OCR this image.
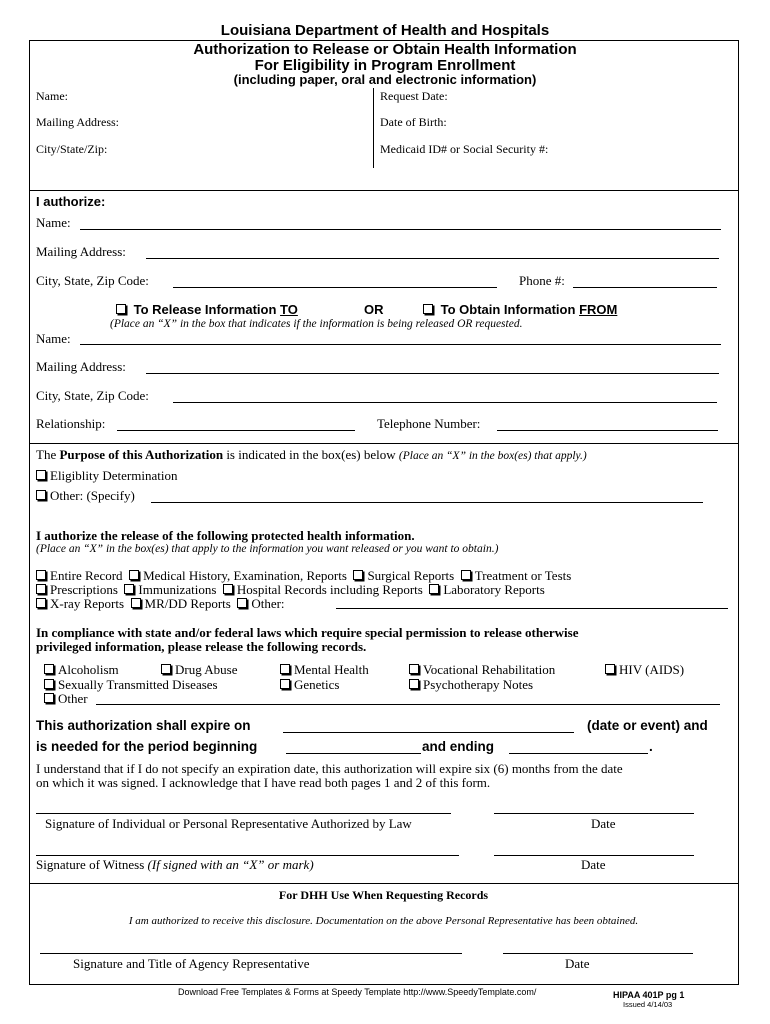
Louisiana Department of Health and Hospitals
Authorization to Release or Obtain Health Information
For Eligibility in Program Enrollment
(including paper, oral and electronic information)
Name:	Request Date:
Mailing Address:	Date of Birth:
City/State/Zip:	Medicaid ID# or Social Security #:
I authorize:
Name:
Mailing Address:
City, State, Zip Code:	Phone #:
To Release Information TO	OR	To Obtain Information FROM
(Place an “X” in the box that indicates if the information is being released OR requested.
Name:
Mailing Address:
City, State, Zip Code:
Relationship:	Telephone Number:
The Purpose of this Authorization is indicated in the box(es) below (Place an “X” in the box(es) that apply.)
Eligiblity Determination
Other: (Specify)
I authorize the release of the following protected health information.
(Place an “X” in the box(es) that apply to the information you want released or you want to obtain.)
Entire Record Medical History, Examination, Reports Surgical Reports Treatment or Tests
Prescriptions Immunizations Hospital Records including Reports Laboratory Reports
X-ray Reports MR/DD Reports Other:
In compliance with state and/or federal laws which require special permission to release otherwise
privileged information, please release the following records.
Alcoholism	Drug Abuse	Mental Health	Vocational Rehabilitation	HIV (AIDS)
Sexually Transmitted Diseases	Genetics	Psychotherapy Notes
Other
This authorization shall expire on	(date or event) and
is needed for the period beginning	and ending	.
I understand that if I do not specify an expiration date, this authorization will expire six (6) months from the date
on which it was signed. I acknowledge that I have read both pages 1 and 2 of this form.
Signature of Individual or Personal Representative Authorized by Law	Date
Signature of Witness (If signed with an “X” or mark)	Date
For DHH Use When Requesting Records
I am authorized to receive this disclosure. Documentation on the above Personal Representative has been obtained.
Signature and Title of Agency Representative	Date
Download Free Templates & Forms at Speedy Template http://www.SpeedyTemplate.com/	HIPAA 401P pg 1
Issued 4/14/03
